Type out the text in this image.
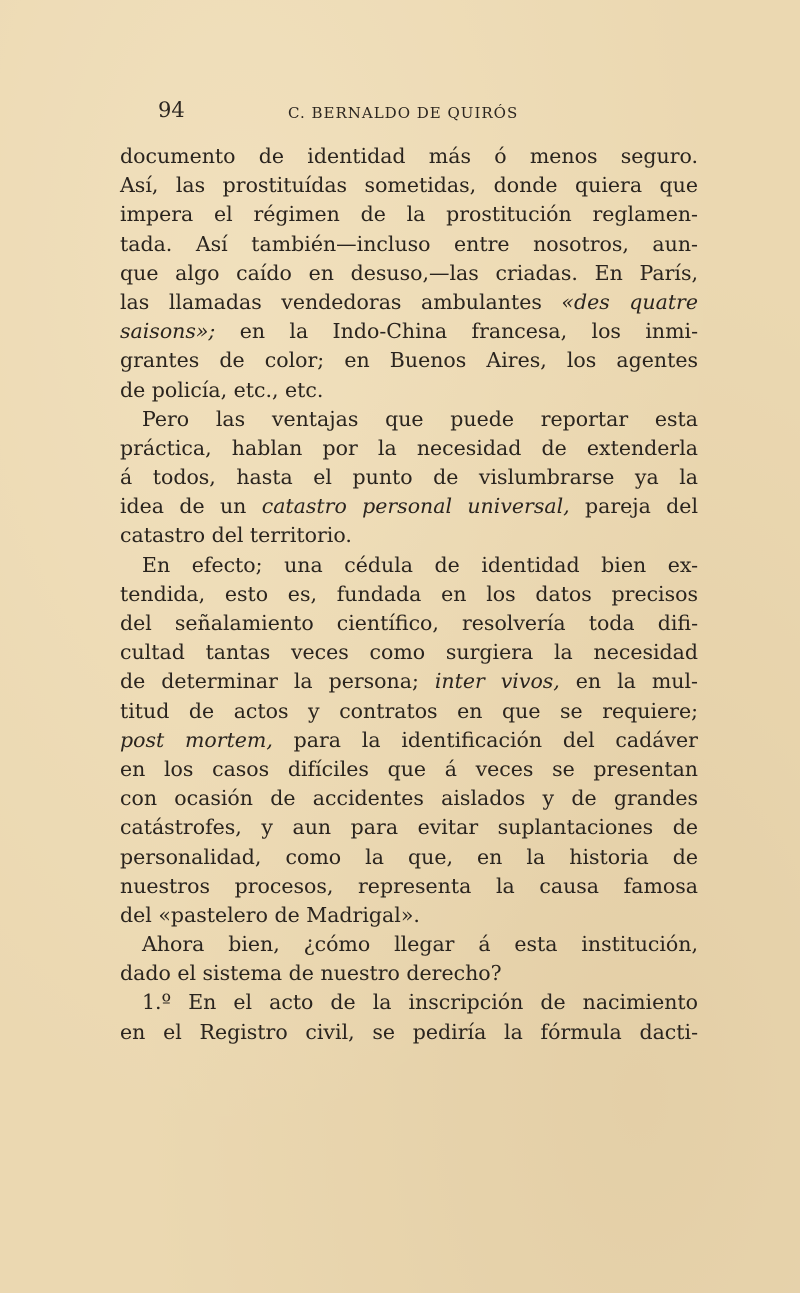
94	C. BERNALDO DE QUIRÓS
documento de identidad más ó menos seguro.
Así, las prostituídas sometidas, donde quiera que
impera el régimen de la prostitución reglamen-
tada. Así también—incluso entre nosotros, aun-
que algo caído en desuso,—las criadas. En París,
las llamadas vendedoras ambulantes «des quatre
saisons»; en la Indo-China francesa, los inmi-
grantes de color; en Buenos Aires, los agentes
de policía, etc., etc.
Pero las ventajas que puede reportar esta
práctica, hablan por la necesidad de extenderla
á todos, hasta el punto de vislumbrarse ya la
idea de un catastro personal universal, pareja del
catastro del territorio.
En efecto; una cédula de identidad bien ex-
tendida, esto es, fundada en los datos precisos
del señalamiento científico, resolvería toda difi-
cultad tantas veces como surgiera la necesidad
de determinar la persona; inter vivos, en la mul-
titud de actos y contratos en que se requiere;
post mortem, para la identificación del cadáver
en los casos difíciles que á veces se presentan
con ocasión de accidentes aislados y de grandes
catástrofes, y aun para evitar suplantaciones de
personalidad, como la que, en la historia de
nuestros procesos, representa la causa famosa
del «pastelero de Madrigal».
Ahora bien, ¿cómo llegar á esta institución,
dado el sistema de nuestro derecho?
1.º En el acto de la inscripción de nacimiento
en el Registro civil, se pediría la fórmula dacti-
